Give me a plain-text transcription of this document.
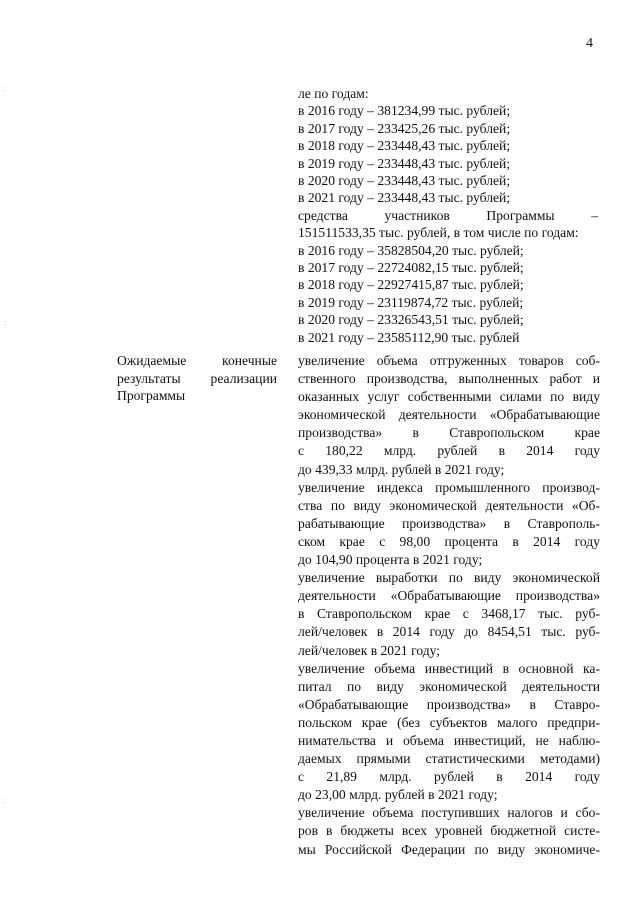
4
:
:
:
ле по годам:
в 2016 году – 381234,99 тыс. рублей;
в 2017 году – 233425,26 тыс. рублей;
в 2018 году – 233448,43 тыс. рублей;
в 2019 году – 233448,43 тыс. рублей;
в 2020 году – 233448,43 тыс. рублей;
в 2021 году – 233448,43 тыс. рублей;
средства участников Программы –
151511533,35 тыс. рублей, в том числе по годам:
в 2016 году – 35828504,20 тыс. рублей;
в 2017 году – 22724082,15 тыс. рублей;
в 2018 году – 22927415,87 тыс. рублей;
в 2019 году – 23119874,72 тыс. рублей;
в 2020 году – 23326543,51 тыс. рублей;
в 2021 году – 23585112,90 тыс. рублей
Ожидаемые конечные
результаты реализации
Программы
увеличение объема отгруженных товаров соб-
ственного производства, выполненных работ и
оказанных услуг собственными силами по виду
экономической деятельности «Обрабатывающие
производства» в Ставропольском крае
с 180,22 млрд. рублей в 2014 году
до 439,33 млрд. рублей в 2021 году;
увеличение индекса промышленного производ-
ства по виду экономической деятельности «Об-
рабатывающие производства» в Ставрополь-
ском крае с 98,00 процента в 2014 году
до 104,90 процента в 2021 году;
увеличение выработки по виду экономической
деятельности «Обрабатывающие производства»
в Ставропольском крае с 3468,17 тыс. руб-
лей/человек в 2014 году до 8454,51 тыс. руб-
лей/человек в 2021 году;
увеличение объема инвестиций в основной ка-
питал по виду экономической деятельности
«Обрабатывающие производства» в Ставро-
польском крае (без субъектов малого предпри-
нимательства и объема инвестиций, не наблю-
даемых прямыми статистическими методами)
с 21,89 млрд. рублей в 2014 году
до 23,00 млрд. рублей в 2021 году;
увеличение объема поступивших налогов и сбо-
ров в бюджеты всех уровней бюджетной систе-
мы Российской Федерации по виду экономиче-
